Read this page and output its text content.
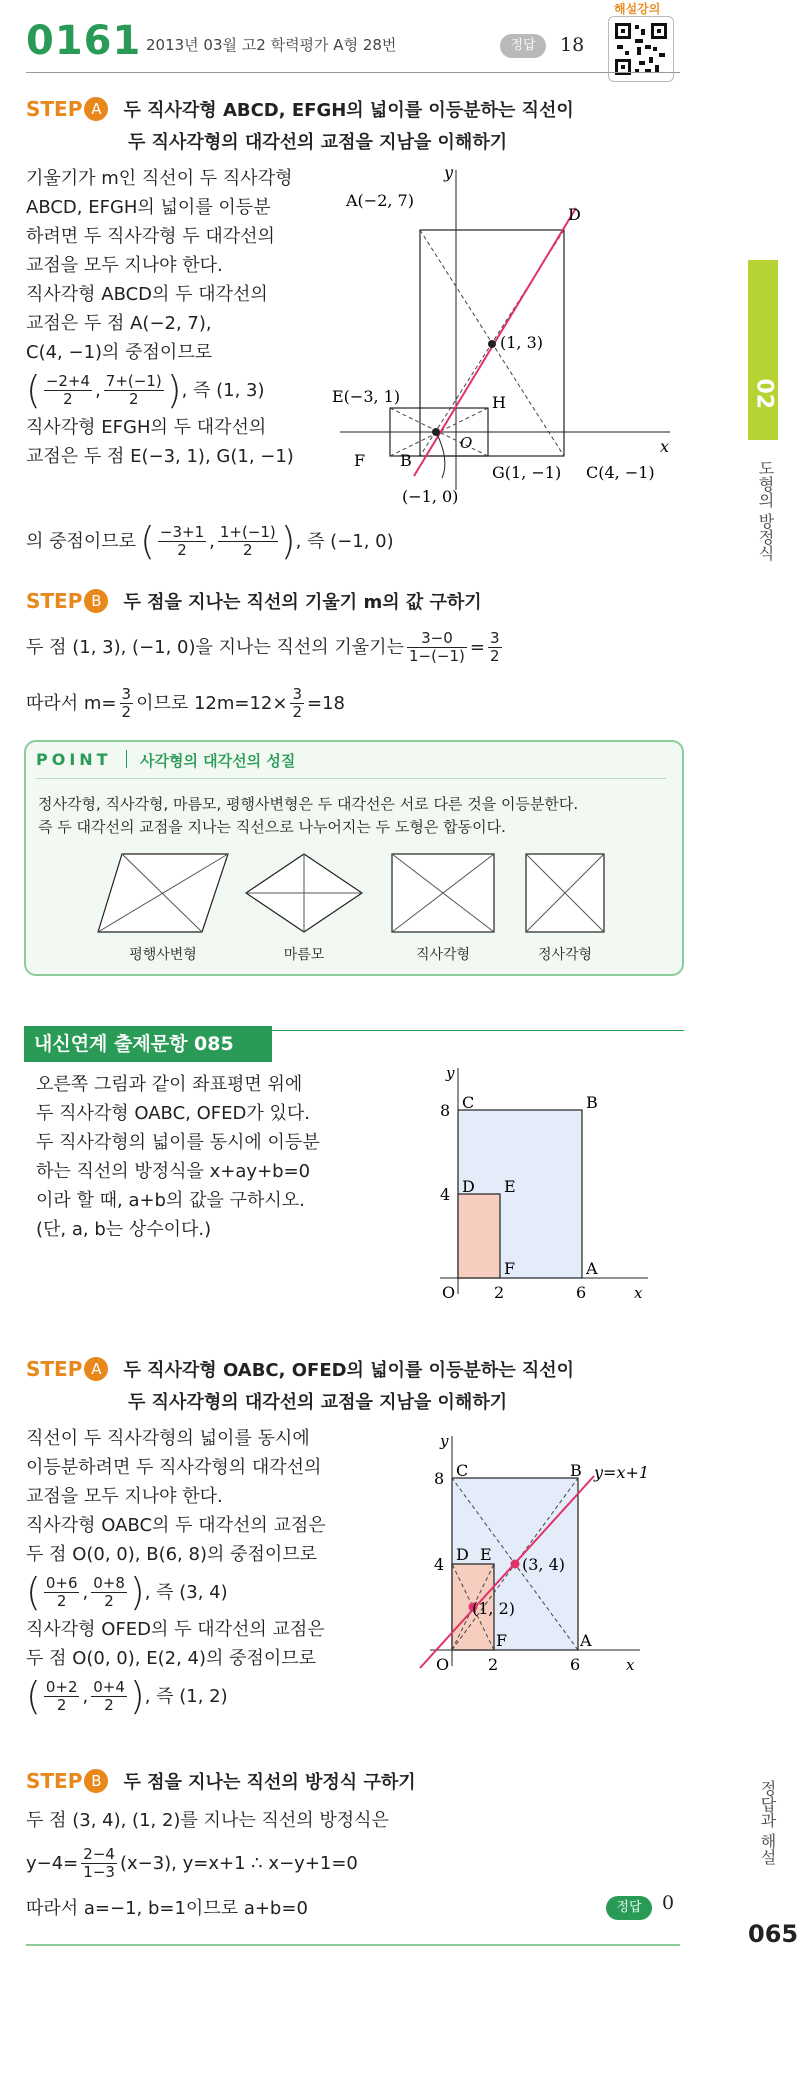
0161 2013년 03월 고2 학력평가 A형 28번	정답	18
해설강의
02
도형의 방정식
정답과 해설
065
STEP A 두 직사각형 ABCD, EFGH의 넓이를 이등분하는 직선이
두 직사각형의 대각선의 교점을 지남을 이해하기
기울기가 m인 직선이 두 직사각형
ABCD, EFGH의 넓이를 이등분
하려면 두 직사각형 두 대각선의
교점을 모두 지나야 한다.
직사각형 ABCD의 두 대각선의
교점은 두 점 A(−2, 7),
C(4, −1)의 중점이므로
( $\frac{-2+4}{2}$ , $\frac{7+(-1)}{2}$ ) , 즉 (1, 3)
직사각형 EFGH의 두 대각선의
교점은 두 점 E(−3, 1), G(1, −1)
의 중점이므로 ( $\frac{-3+1}{2}$ , $\frac{1+(-1)}{2}$ ) , 즉 (−1, 0)
y
x
A(−2, 7)
D
(1, 3)
E(−3, 1)	H
O
F B
G(1, −1) C(4, −1)
(−1, 0)
STEP B 두 점을 지나는 직선의 기울기 m의 값 구하기
두 점 (1, 3), (−1, 0)을 지나는 직선의 기울기는 $\frac{3-0}{1-(-1)} = \frac{3}{2}$
따라서 $m= \frac{3}{2}$ 이므로 $12m=12\times \frac{3}{2} =18$
POINT 사각형의 대각선의 성질
정사각형, 직사각형, 마름모, 평행사변형은 두 대각선은 서로 다른 것을 이등분한다.
즉 두 대각선의 교점을 지나는 직선으로 나누어지는 두 도형은 합동이다.
평행사변형	마름모	직사각형	정사각형
내신연계 출제문항 085
오른쪽 그림과 같이 좌표평면 위에
두 직사각형 OABC, OFED가 있다.
두 직사각형의 넓이를 동시에 이등분
하는 직선의 방정식을 x+ay+b=0
이라 할 때, a+b의 값을 구하시오.
(단, a, b는 상수이다.)
y
x
8 C	B
4 D E
F	A
O 2	6
STEP A 두 직사각형 OABC, OFED의 넓이를 이등분하는 직선이
두 직사각형의 대각선의 교점을 지남을 이해하기
직선이 두 직사각형의 넓이를 동시에
이등분하려면 두 직사각형의 대각선의
교점을 모두 지나야 한다.
직사각형 OABC의 두 대각선의 교점은
두 점 O(0, 0), B(6, 8)의 중점이므로
( $\frac{0+6}{2}$ , $\frac{0+8}{2}$ ) , 즉 (3, 4)
직사각형 OFED의 두 대각선의 교점은
두 점 O(0, 0), E(2, 4)의 중점이므로
( $\frac{0+2}{2}$ , $\frac{0+4}{2}$ ) , 즉 (1, 2)
y
x
8 C	B y=x+1
4
D E
(3, 4)
(1, 2)
F	A
O 2	6
STEP B 두 점을 지나는 직선의 방정식 구하기
두 점 (3, 4), (1, 2)를 지나는 직선의 방정식은
$y-4= \frac{2-4}{1-3} (x-3)$, y=x+1 ∴ x−y+1=0
따라서 a=−1, b=1이므로 a+b=0	정답	0
